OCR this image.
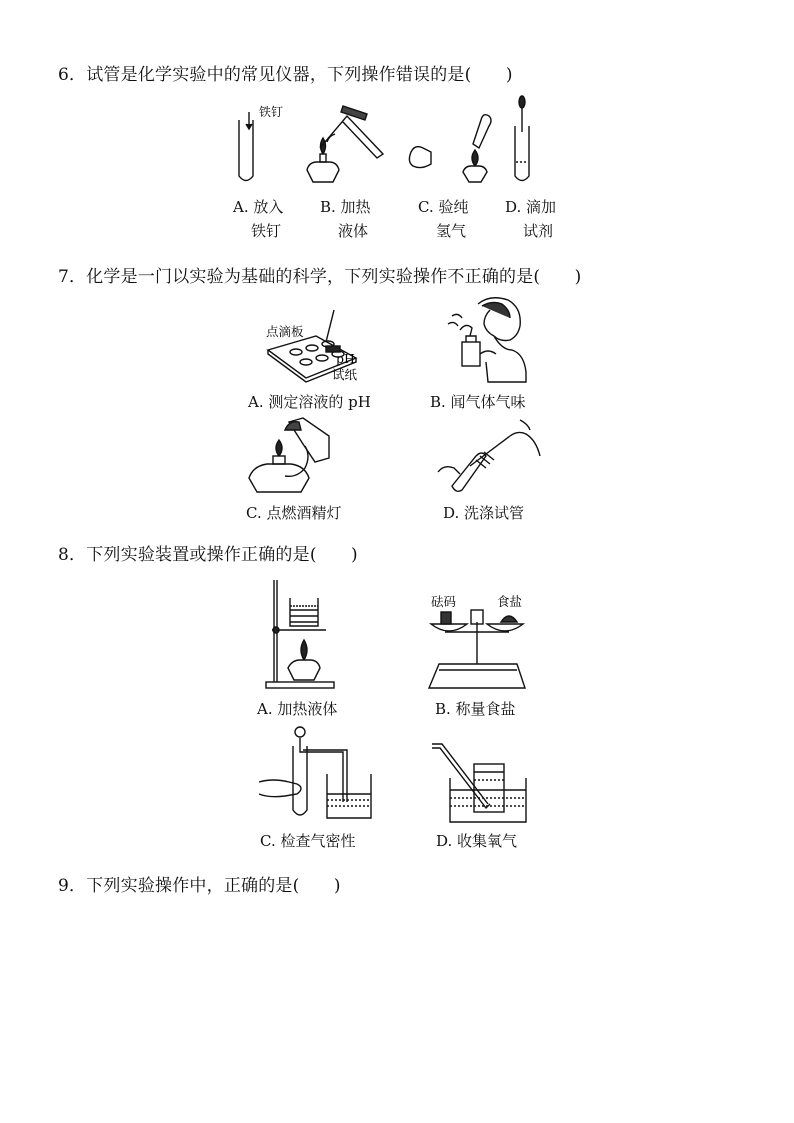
6．试管是化学实验中的常见仪器，下列操作错误的是(　　)
铁钉
A. 放入
铁钉
B. 加热
液体
C. 验纯
氢气
D. 滴加
试剂
7．化学是一门以实验为基础的科学，下列实验操作不正确的是(　　)
点滴板
pH
试纸
A. 测定溶液的 pH	B. 闻气体气味
C. 点燃酒精灯	D. 洗涤试管
8．下列实验装置或操作正确的是(　　)
砝码	食盐
A. 加热液体	B. 称量食盐
C. 检查气密性	D. 收集氧气
9．下列实验操作中，正确的是(　　)
